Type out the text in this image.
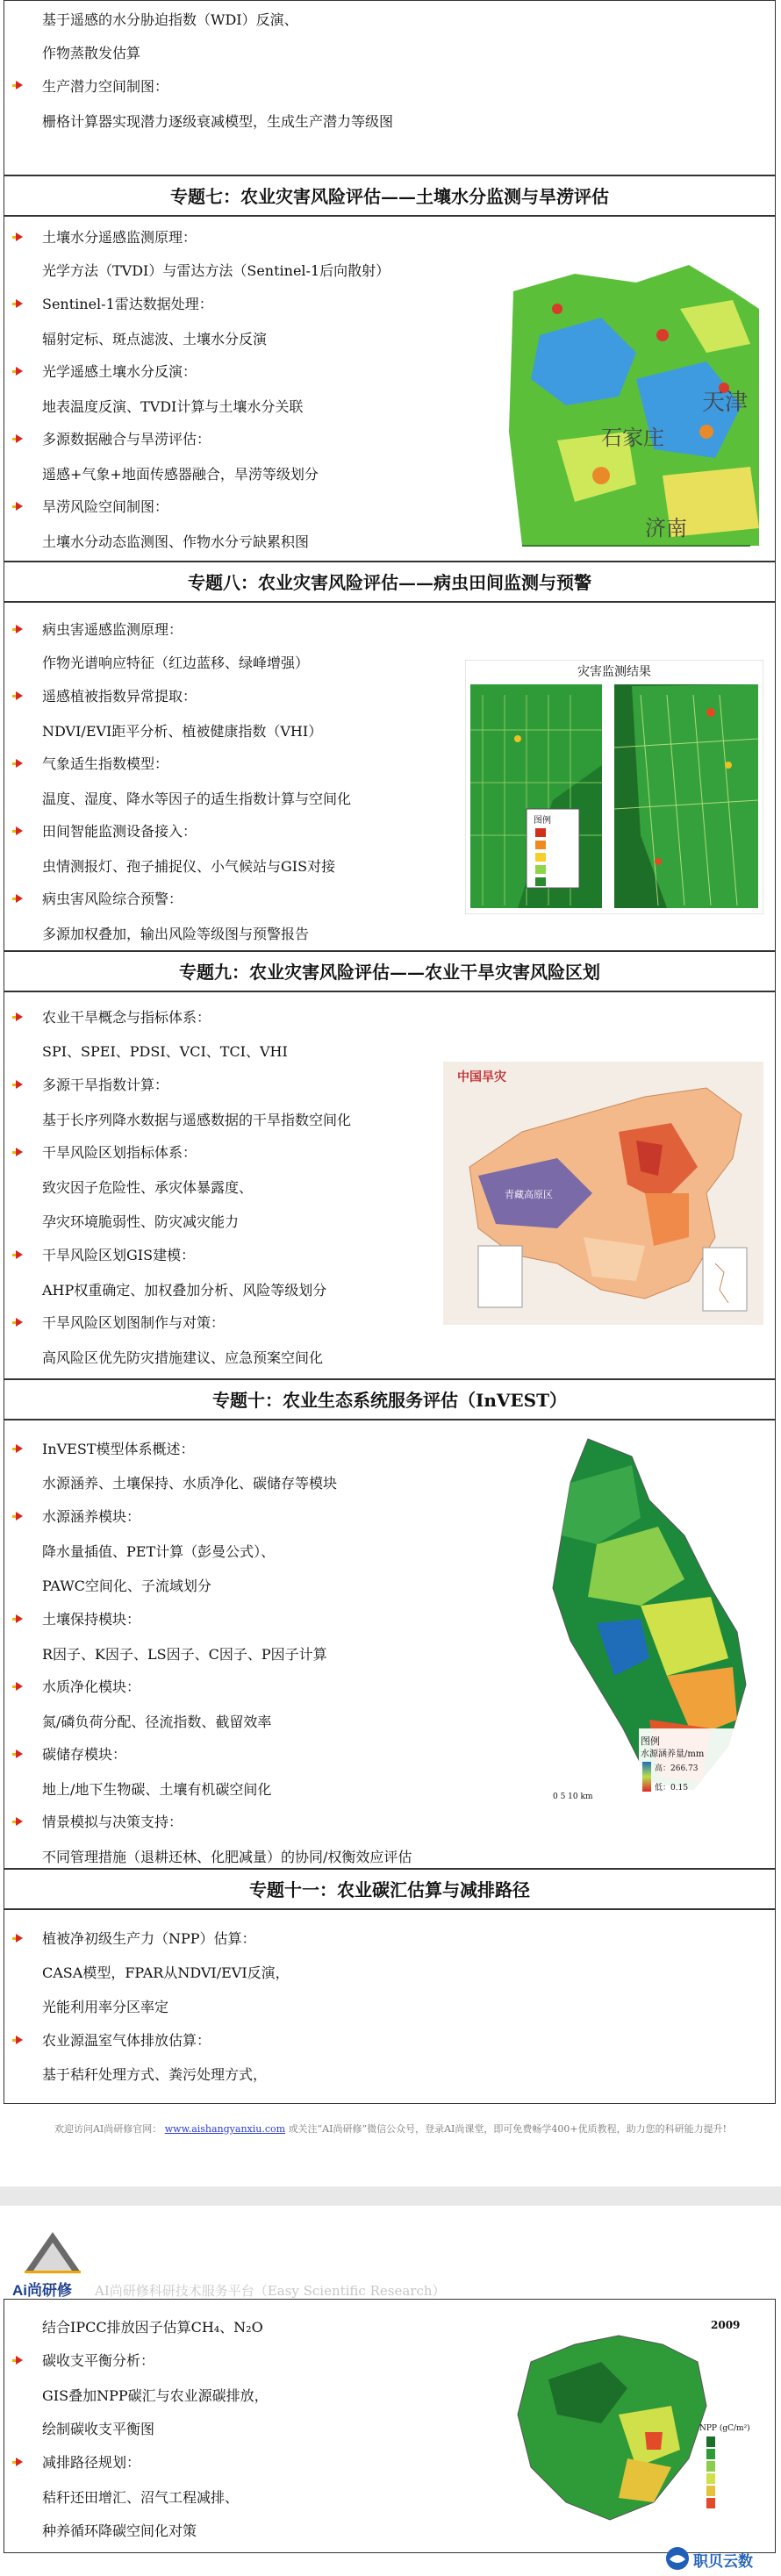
基于遥感的水分胁迫指数（WDI）反演、
作物蒸散发估算
生产潜力空间制图：
栅格计算器实现潜力逐级衰减模型，生成生产潜力等级图
专题七：农业灾害风险评估——土壤水分监测与旱涝评估
土壤水分遥感监测原理：
光学方法（TVDI）与雷达方法（Sentinel-1后向散射）
Sentinel-1雷达数据处理：
辐射定标、斑点滤波、土壤水分反演
光学遥感土壤水分反演：
地表温度反演、TVDI计算与土壤水分关联
多源数据融合与旱涝评估：
遥感+气象+地面传感器融合，旱涝等级划分
旱涝风险空间制图：
土壤水分动态监测图、作物水分亏缺累积图
天津
石家庄
济南
专题八：农业灾害风险评估——病虫田间监测与预警
病虫害遥感监测原理：
作物光谱响应特征（红边蓝移、绿峰增强）
遥感植被指数异常提取：
NDVI/EVI距平分析、植被健康指数（VHI）
气象适生指数模型：
温度、湿度、降水等因子的适生指数计算与空间化
田间智能监测设备接入：
虫情测报灯、孢子捕捉仪、小气候站与GIS对接
病虫害风险综合预警：
多源加权叠加，输出风险等级图与预警报告
灾害监测结果
图例
专题九：农业灾害风险评估——农业干旱灾害风险区划
农业干旱概念与指标体系：
SPI、SPEI、PDSI、VCI、TCI、VHI
多源干旱指数计算：
基于长序列降水数据与遥感数据的干旱指数空间化
干旱风险区划指标体系：
致灾因子危险性、承灾体暴露度、
孕灾环境脆弱性、防灾减灾能力
干旱风险区划GIS建模：
AHP权重确定、加权叠加分析、风险等级划分
干旱风险区划图制作与对策：
高风险区优先防灾措施建议、应急预案空间化
中国旱灾
青藏高原区
专题十：农业生态系统服务评估（InVEST）
InVEST模型体系概述：
水源涵养、土壤保持、水质净化、碳储存等模块
水源涵养模块：
降水量插值、PET计算（彭曼公式）、
PAWC空间化、子流域划分
土壤保持模块：
R因子、K因子、LS因子、C因子、P因子计算
水质净化模块：
氮/磷负荷分配、径流指数、截留效率
碳储存模块：
地上/地下生物碳、土壤有机碳空间化
情景模拟与决策支持：
不同管理措施（退耕还林、化肥减量）的协同/权衡效应评估
图例
水源涵养量/mm
高：266.73
低：0.15
0 5 10 km
专题十一：农业碳汇估算与减排路径
植被净初级生产力（NPP）估算：
CASA模型，FPAR从NDVI/EVI反演，
光能利用率分区率定
农业源温室气体排放估算：
基于秸秆处理方式、粪污处理方式，
欢迎访问AI尚研修官网： www.aishangyanxiu.com 或关注“AI尚研修”微信公众号，登录AI尚课堂，即可免费畅学400+优质教程，助力您的科研能力提升!
Ai尚研修 AI尚研修科研技术服务平台（Easy Scientific Research）
结合IPCC排放因子估算CH₄、N₂O
碳收支平衡分析：
GIS叠加NPP碳汇与农业源碳排放，
绘制碳收支平衡图
减排路径规划：
秸秆还田增汇、沼气工程减排、
种养循环降碳空间化对策
2009
NPP (gC/m²)
职贝云数
